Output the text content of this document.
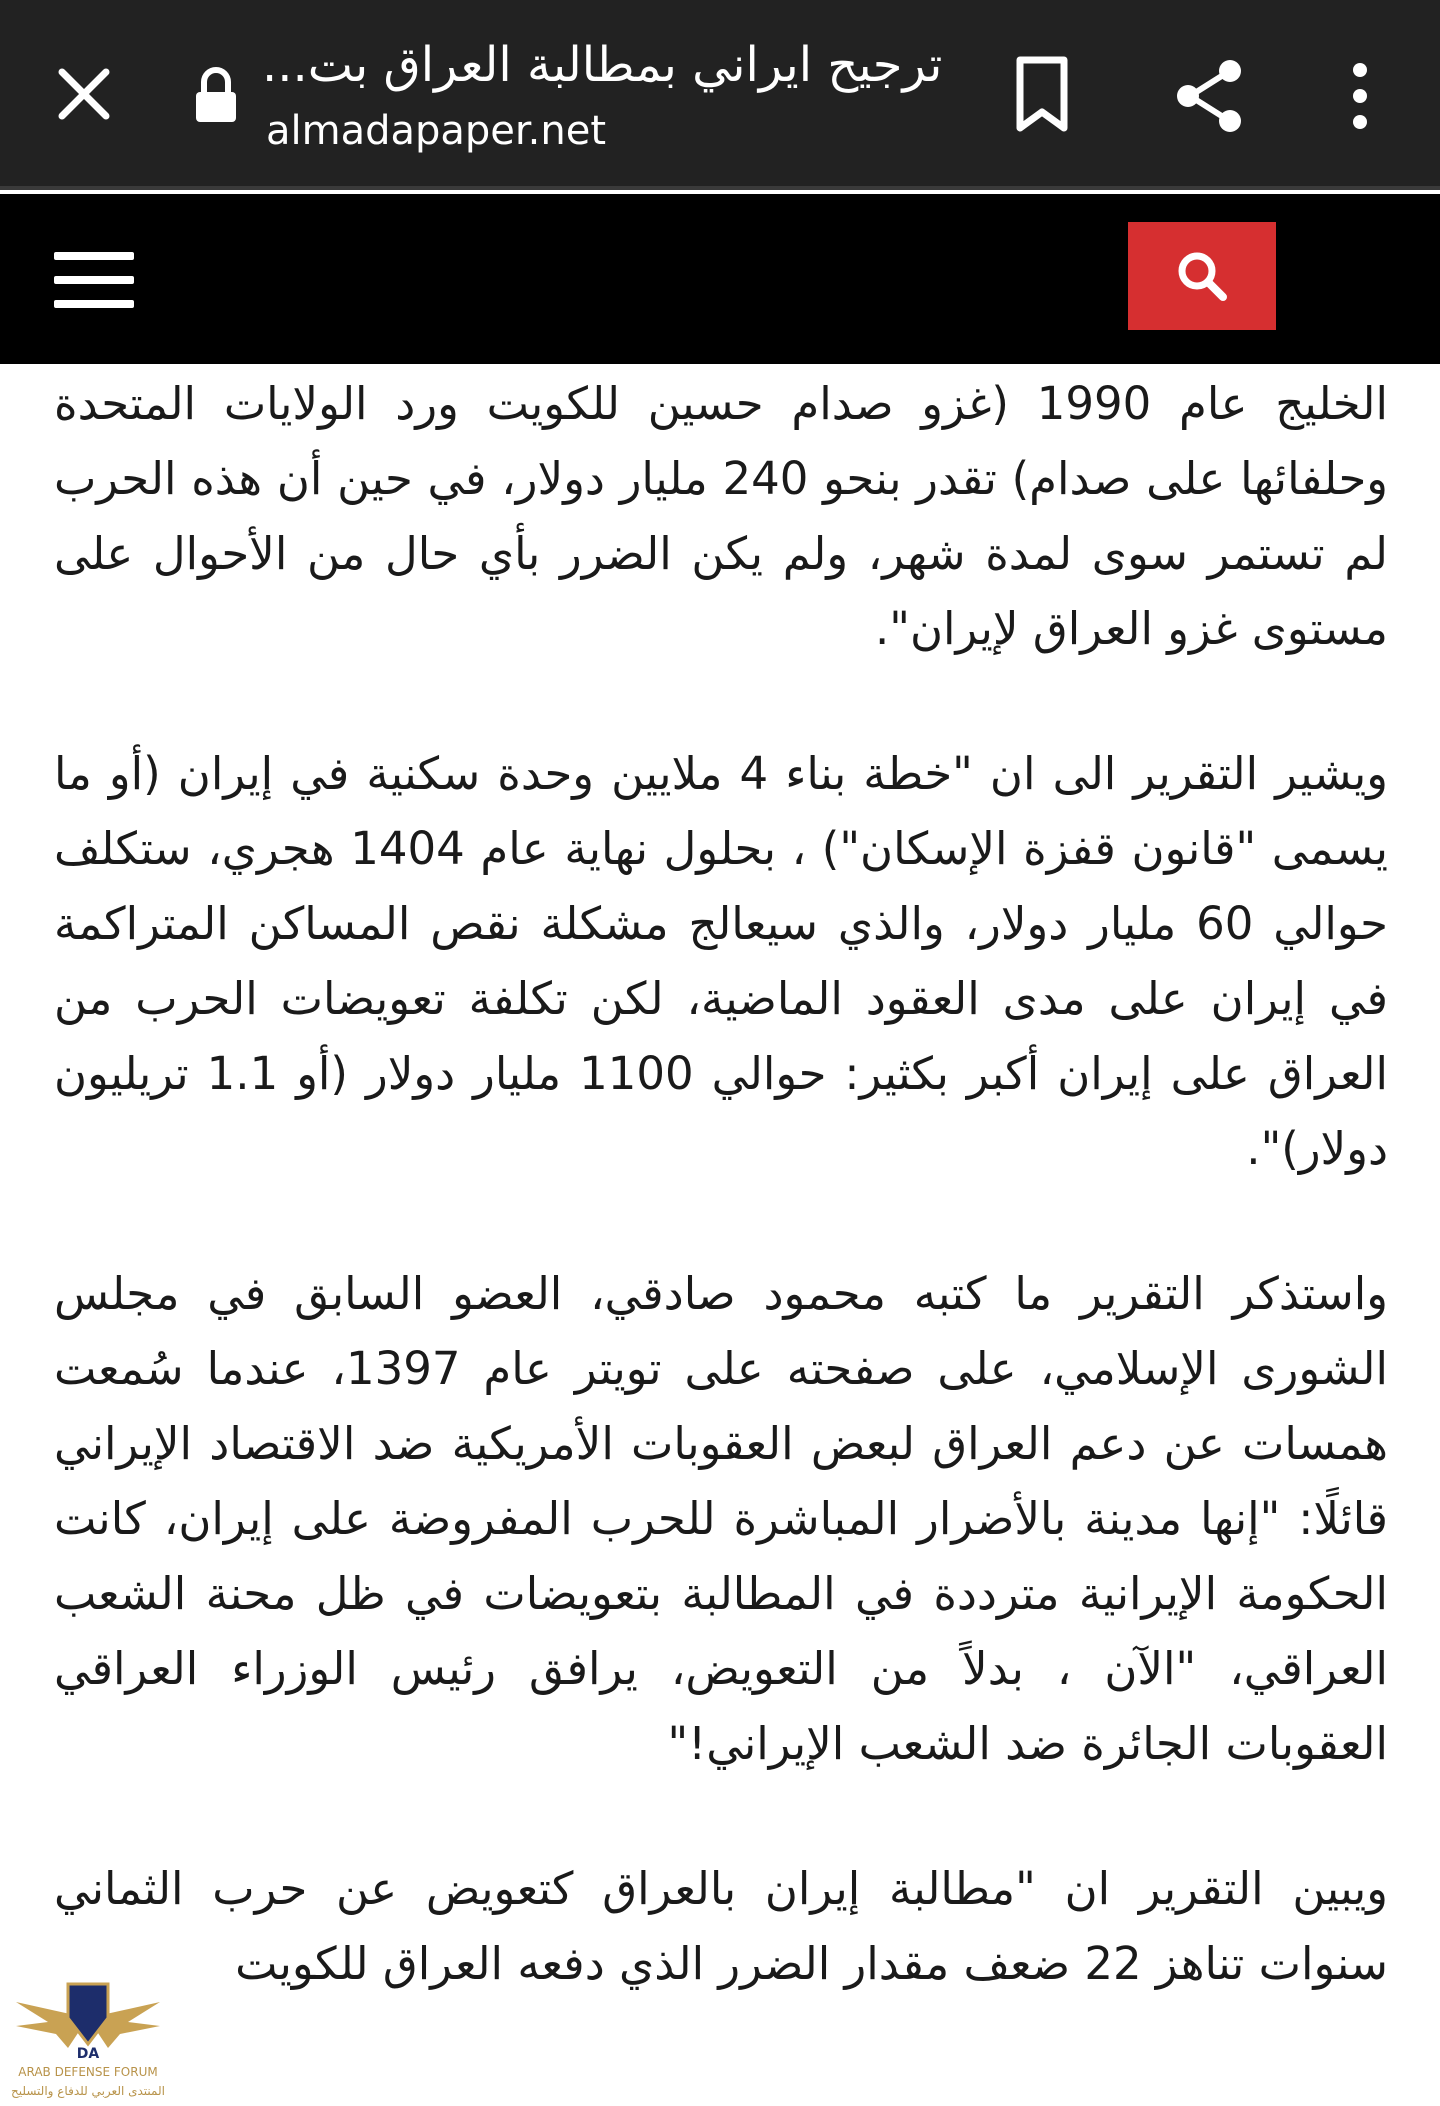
ترجيح ايراني بمطالبة العراق بت...
almadapaper.net

الخليج عام 1990 (غزو صدام حسين للكويت ورد الولايات المتحدة وحلفائها على صدام) تقدر بنحو 240 مليار دولار، في حين أن هذه الحرب لم تستمر سوى لمدة شهر، ولم يكن الضرر بأي حال من الأحوال على مستوى غزو العراق لإيران".

ويشير التقرير الى ان "خطة بناء 4 ملايين وحدة سكنية في إيران (أو ما يسمى "قانون قفزة الإسكان") ، بحلول نهاية عام 1404 هجري، ستكلف حوالي 60 مليار دولار، والذي سيعالج مشكلة نقص المساكن المتراكمة في إيران على مدى العقود الماضية، لكن تكلفة تعويضات الحرب من العراق على إيران أكبر بكثير: حوالي 1100 مليار دولار (أو 1.1 تريليون دولار)".

واستذكر التقرير ما كتبه محمود صادقي، العضو السابق في مجلس الشورى الإسلامي، على صفحته على تويتر عام 1397، عندما سُمعت همسات عن دعم العراق لبعض العقوبات الأمريكية ضد الاقتصاد الإيراني قائلًا: "إنها مدينة بالأضرار المباشرة للحرب المفروضة على إيران، كانت الحكومة الإيرانية مترددة في المطالبة بتعويضات في ظل محنة الشعب العراقي، "الآن ، بدلاً من التعويض، يرافق رئيس الوزراء العراقي العقوبات الجائرة ضد الشعب الإيراني!"

ويبين التقرير ان "مطالبة إيران بالعراق كتعويض عن حرب الثماني سنوات تناهز 22 ضعف مقدار الضرر الذي دفعه العراق للكويت

DA
ARAB DEFENSE FORUM
المنتدى العربي للدفاع والتسليح
